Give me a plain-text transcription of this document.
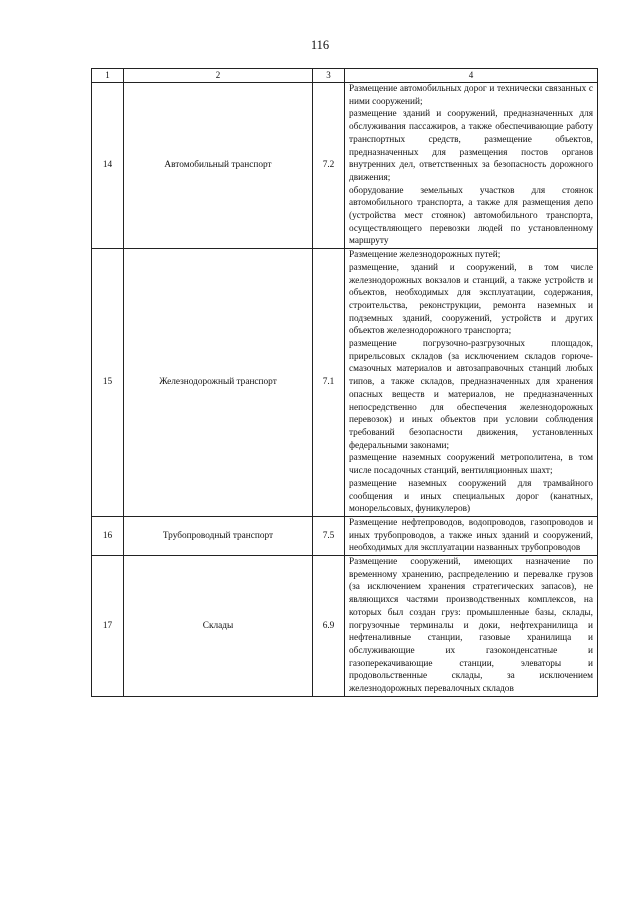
116
1	2	3	4
14	Автомобильный транспорт	7.2	Размещение автомобильных дорог и технически связанных с ними сооружений;
размещение зданий и сооружений, предназначенных для обслуживания пассажиров, а также обеспечивающие работу транспортных средств, размещение объектов, предназначенных для размещения постов органов внутренних дел, ответственных за безопасность дорожного движения;
оборудование земельных участков для стоянок автомобильного транспорта, а также для размещения депо (устройства мест стоянок) автомобильного транспорта, осуществляющего перевозки людей по установленному маршруту

15	Железнодорожный транспорт	7.1	Размещение железнодорожных путей;
размещение, зданий и сооружений, в том числе железнодорожных вокзалов и станций, а также устройств и объектов, необходимых для эксплуатации, содержания, строительства, реконструкции, ремонта наземных и подземных зданий, сооружений, устройств и других объектов железнодорожного транспорта;
размещение погрузочно-разгрузочных площадок, прирельсовых складов (за исключением складов горюче-смазочных материалов и автозаправочных станций любых типов, а также складов, предназначенных для хранения опасных веществ и материалов, не предназначенных непосредственно для обеспечения железнодорожных перевозок) и иных объектов при условии соблюдения требований безопасности движения, установленных федеральными законами;
размещение наземных сооружений метрополитена, в том числе посадочных станций, вентиляционных шахт;
размещение наземных сооружений для трамвайного сообщения и иных специальных дорог (канатных, монорельсовых, фуникулеров)

16	Трубопроводный транспорт	7.5	Размещение нефтепроводов, водопроводов, газопроводов и иных трубопроводов, а также иных зданий и сооружений, необходимых для эксплуатации названных трубопроводов

17	Склады	6.9	Размещение сооружений, имеющих назначение по временному хранению, распределению и перевалке грузов (за исключением хранения стратегических запасов), не являющихся частями производственных комплексов, на которых был создан груз: промышленные базы, склады, погрузочные терминалы и доки, нефтехранилища и нефтеналивные станции, газовые хранилища и обслуживающие их газоконденсатные и газоперекачивающие станции, элеваторы и продовольственные склады, за исключением железнодорожных перевалочных складов
